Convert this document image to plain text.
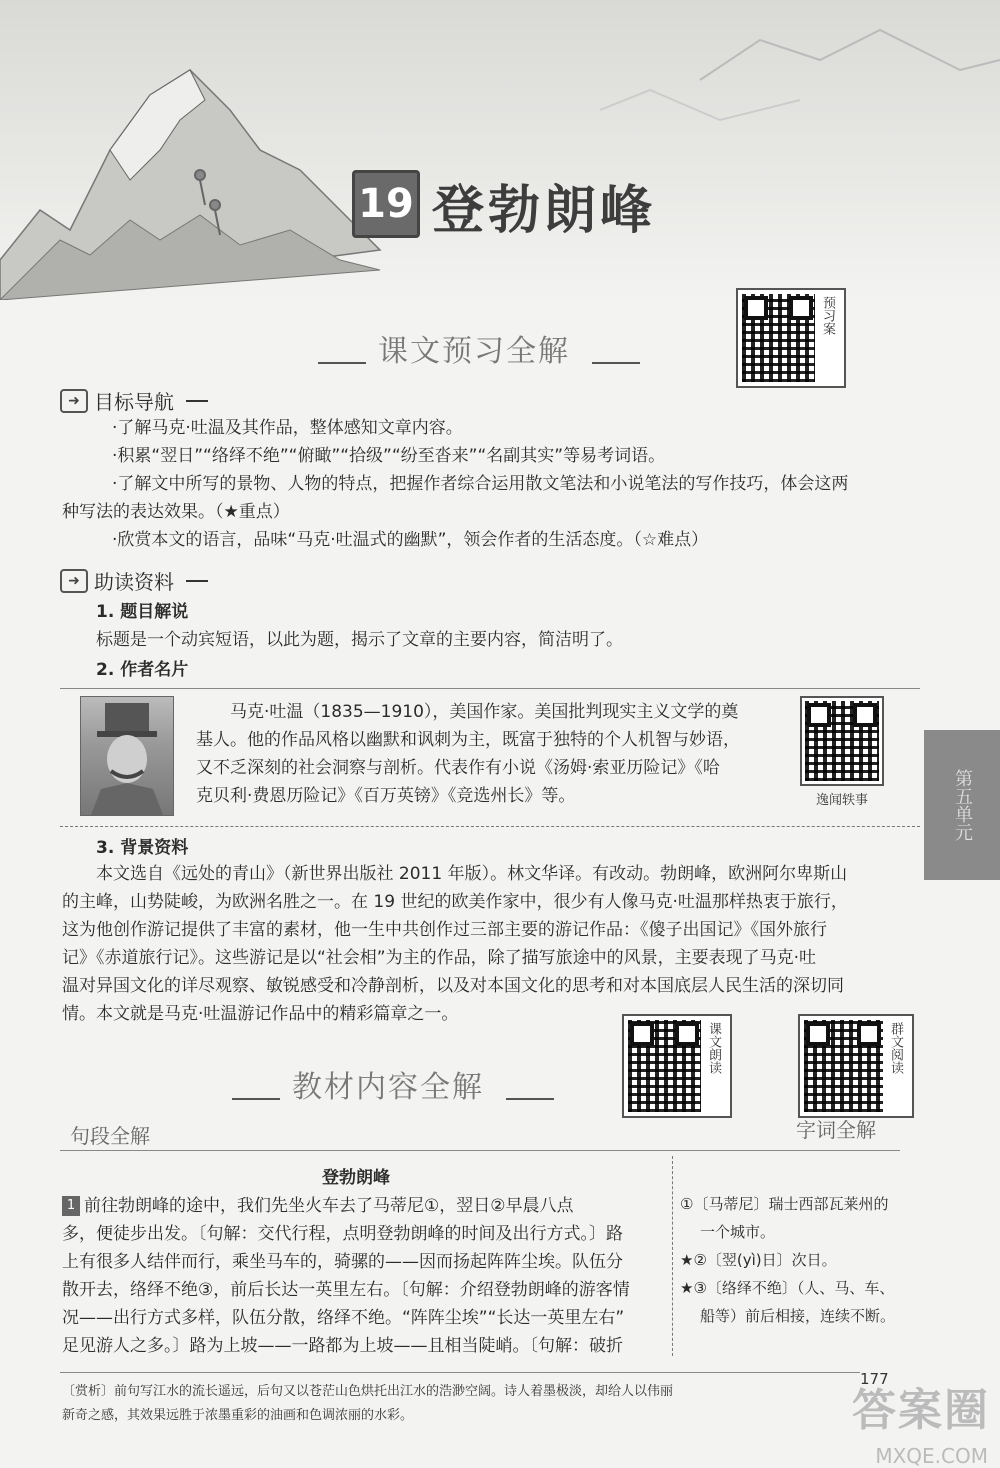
19 登勃朗峰
预习案
课文预习全解
➜ 目标导航
·了解马克·吐温及其作品，整体感知文章内容。
·积累“翌日”“络绎不绝”“俯瞰”“拾级”“纷至沓来”“名副其实”等易考词语。
·了解文中所写的景物、人物的特点，把握作者综合运用散文笔法和小说笔法的写作技巧，体会这两
种写法的表达效果。（★重点）
·欣赏本文的语言，品味“马克·吐温式的幽默”，领会作者的生活态度。（☆难点）
➜ 助读资料
1. 题目解说
标题是一个动宾短语，以此为题，揭示了文章的主要内容，简洁明了。
2. 作者名片
马克·吐温（1835—1910），美国作家。美国批判现实主义文学的奠
基人。他的作品风格以幽默和讽刺为主，既富于独特的个人机智与妙语，
又不乏深刻的社会洞察与剖析。代表作有小说《汤姆·索亚历险记》《哈
克贝利·费恩历险记》《百万英镑》《竞选州长》等。	逸闻轶事
3. 背景资料
本文选自《远处的青山》（新世界出版社 2011 年版）。林文华译。有改动。勃朗峰，欧洲阿尔卑斯山
的主峰，山势陡峻，为欧洲名胜之一。在 19 世纪的欧美作家中，很少有人像马克·吐温那样热衷于旅行，
这为他创作游记提供了丰富的素材，他一生中共创作过三部主要的游记作品：《傻子出国记》《国外旅行
记》《赤道旅行记》。这些游记是以“社会相”为主的作品，除了描写旅途中的风景，主要表现了马克·吐
温对异国文化的详尽观察、敏锐感受和冷静剖析，以及对本国文化的思考和对本国底层人民生活的深切同
情。本文就是马克·吐温游记作品中的精彩篇章之一。
第五单元
课文朗读	群文阅读
教材内容全解
句段全解	字词全解
登勃朗峰
1 前往勃朗峰的途中，我们先坐火车去了马蒂尼①，翌日②早晨八点
多，便徒步出发。〔句解：交代行程，点明登勃朗峰的时间及出行方式。〕路
上有很多人结伴而行，乘坐马车的，骑骡的——因而扬起阵阵尘埃。队伍分
散开去，络绎不绝③，前后长达一英里左右。〔句解：介绍登勃朗峰的游客情
况——出行方式多样，队伍分散，络绎不绝。“阵阵尘埃”“长达一英里左右”
足见游人之多。〕路为上坡——一路都为上坡——且相当陡峭。〔句解：破折
①〔马蒂尼〕瑞士西部瓦莱州的
一个城市。
★②〔翌(yì)日〕次日。
★③〔络绎不绝〕（人、马、车、
船等）前后相接，连续不断。
177
〔赏析〕前句写江水的流长遥远，后句又以苍茫山色烘托出江水的浩渺空阔。诗人着墨极淡，却给人以伟丽
新奇之感，其效果远胜于浓墨重彩的油画和色调浓丽的水彩。	答案圈
MXQE.COM
